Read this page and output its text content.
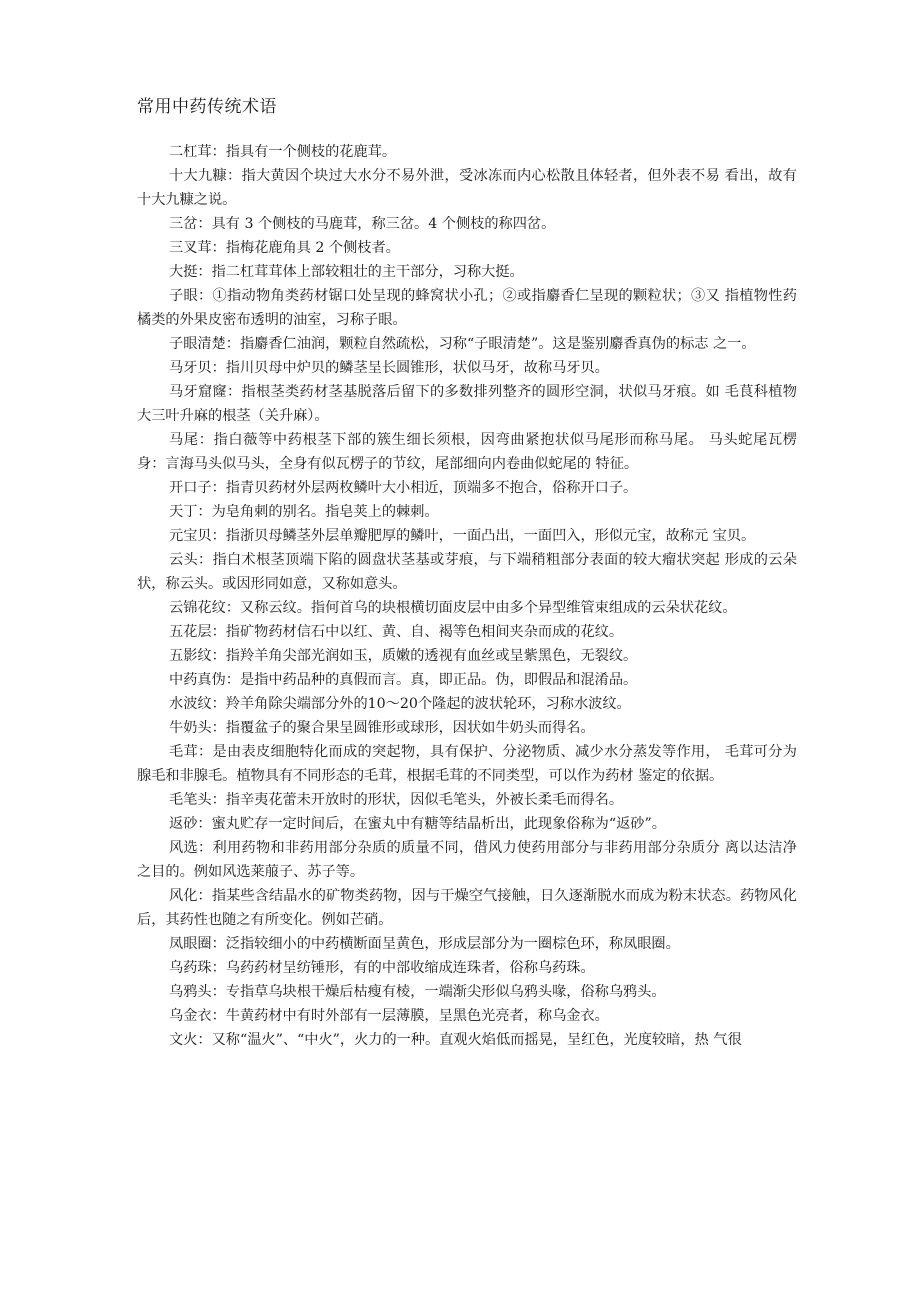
常用中药传统术语

二杠茸：指具有一个侧枝的花鹿茸。

十大九糠：指大黄因个块过大水分不易外泄，受冰冻而内心松散且体轻者，但外表不易 看出，故有十大九糠之说。

三岔：具有 3 个侧枝的马鹿茸，称三岔。4 个侧枝的称四岔。

三叉茸：指梅花鹿角具 2 个侧枝者。

大挺：指二杠茸茸体上部较粗壮的主干部分，习称大挺。

子眼：①指动物角类药材锯口处呈现的蜂窝状小孔；②或指麝香仁呈现的颗粒状；③又 指植物性药橘类的外果皮密布透明的油室，习称子眼。

子眼清楚：指麝香仁油润，颗粒自然疏松，习称“子眼清楚”。这是鉴别麝香真伪的标志 之一。

马牙贝：指川贝母中炉贝的鳞茎呈长圆锥形，状似马牙，故称马牙贝。

马牙窟窿：指根茎类药材茎基脱落后留下的多数排列整齐的圆形空洞，状似马牙痕。如 毛茛科植物大三叶升麻的根茎（关升麻）。

马尾：指白薇等中药根茎下部的簇生细长须根，因弯曲紧抱状似马尾形而称马尾。 马头蛇尾瓦楞身：言海马头似马头，全身有似瓦楞子的节纹，尾部细向内卷曲似蛇尾的 特征。

开口子：指青贝药材外层两枚鳞叶大小相近，顶端多不抱合，俗称开口子。

天丁：为皂角刺的别名。指皂荚上的棘刺。

元宝贝：指浙贝母鳞茎外层单瓣肥厚的鳞叶，一面凸出，一面凹入，形似元宝，故称元 宝贝。

云头：指白术根茎顶端下陷的圆盘状茎基或芽痕，与下端稍粗部分表面的较大瘤状突起 形成的云朵状，称云头。或因形同如意，又称如意头。

云锦花纹：又称云纹。指何首乌的块根横切面皮层中由多个异型维管束组成的云朵状花纹。

五花层：指矿物药材信石中以红、黄、自、褐等色相间夹杂而成的花纹。

五影纹：指羚羊角尖部光润如玉，质嫩的透视有血丝或呈紫黑色，无裂纹。

中药真伪：是指中药品种的真假而言。真，即正品。伪，即假品和混淆品。

水波纹：羚羊角除尖端部分外的10〜20个隆起的波状轮环，习称水波纹。

牛奶头：指覆盆子的聚合果呈圆锥形或球形，因状如牛奶头而得名。

毛茸：是由表皮细胞特化而成的突起物，具有保护、分泌物质、减少水分蒸发等作用， 毛茸可分为腺毛和非腺毛。植物具有不同形态的毛茸，根据毛茸的不同类型，可以作为药材 鉴定的依据。

毛笔头：指辛夷花蕾未开放时的形状，因似毛笔头，外被长柔毛而得名。

返砂：蜜丸贮存一定时间后，在蜜丸中有糖等结晶析出，此现象俗称为“返砂”。

风选：利用药物和非药用部分杂质的质量不同，借风力使药用部分与非药用部分杂质分 离以达洁净之目的。例如风选莱菔子、苏子等。

风化：指某些含结晶水的矿物类药物，因与干燥空气接触，日久逐渐脱水而成为粉末状态。药物风化后，其药性也随之有所变化。例如芒硝。

凤眼圈：泛指较细小的中药横断面呈黄色，形成层部分为一圈棕色环，称凤眼圈。

乌药珠：乌药药材呈纺锤形，有的中部收缩成连珠者，俗称乌药珠。

乌鸦头：专指草乌块根干燥后枯瘦有棱，一端渐尖形似乌鸦头喙，俗称乌鸦头。

乌金衣：牛黄药材中有时外部有一层薄膜，呈黑色光亮者，称乌金衣。

文火：又称“温火”、“中火”，火力的一种。直观火焰低而摇晃，呈红色，光度较暗，热 气很
